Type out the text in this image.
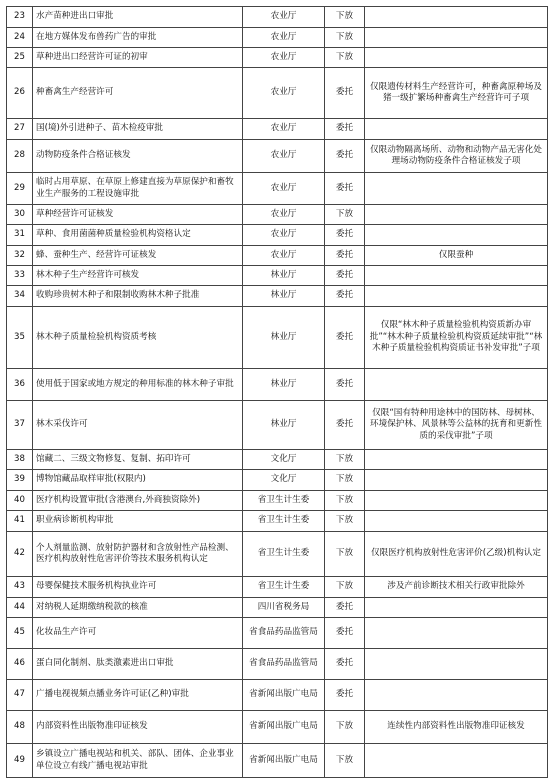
23	水产苗种进出口审批	农业厅	下放	
24	在地方媒体发布兽药广告的审批	农业厅	下放	
25	草种进出口经营许可证的初审	农业厅	下放	
26	种畜禽生产经营许可	农业厅	委托	仅限遗传材料生产经营许可，种畜禽原种场及猪一级扩繁场种畜禽生产经营许可子项
27	国(境)外引进种子、苗木检疫审批	农业厅	委托	
28	动物防疫条件合格证核发	农业厅	委托	仅限动物隔离场所、动物和动物产品无害化处理场动物防疫条件合格证核发子项
29	临时占用草原、在草原上修建直接为草原保护和畜牧业生产服务的工程设施审批	农业厅	委托	
30	草种经营许可证核发	农业厅	下放	
31	草种、食用菌菌种质量检验机构资格认定	农业厅	委托	
32	蜂、蚕种生产、经营许可证核发	农业厅	委托	仅限蚕种
33	林木种子生产经营许可核发	林业厅	委托	
34	收购珍贵树木种子和限制收购林木种子批准	林业厅	委托	
35	林木种子质量检验机构资质考核	林业厅	委托	仅限“林木种子质量检验机构资质新办审批”“林木种子质量检验机构资质延续审批”“林木种子质量检验机构资质证书补发审批”子项
36	使用低于国家或地方规定的种用标准的林木种子审批	林业厅	委托	
37	林木采伐许可	林业厅	委托	仅限“国有特种用途林中的国防林、母树林、环境保护林、风景林等公益林的抚育和更新性质的采伐审批”子项
38	馆藏二、三级文物修复、复制、拓印许可	文化厅	下放	
39	博物馆藏品取样审批(权限内)	文化厅	下放	
40	医疗机构设置审批(含港澳台,外商独资除外)	省卫生计生委	下放	
41	职业病诊断机构审批	省卫生计生委	下放	
42	个人剂量监测、放射防护器材和含放射性产品检测、医疗机构放射性危害评价等技术服务机构认定	省卫生计生委	下放	仅限医疗机构放射性危害评价(乙级)机构认定
43	母婴保健技术服务机构执业许可	省卫生计生委	下放	涉及产前诊断技术相关行政审批除外
44	对纳税人延期缴纳税款的核准	四川省税务局	委托	
45	化妆品生产许可	省食品药品监管局	委托	
46	蛋白同化制剂、肽类激素进出口审批	省食品药品监管局	委托	
47	广播电视视频点播业务许可证(乙种)审批	省新闻出版广电局	委托	
48	内部资料性出版物准印证核发	省新闻出版广电局	下放	连续性内部资料性出版物准印证核发
49	乡镇设立广播电视站和机关、部队、团体、企业事业单位设立有线广播电视站审批	省新闻出版广电局	下放	
